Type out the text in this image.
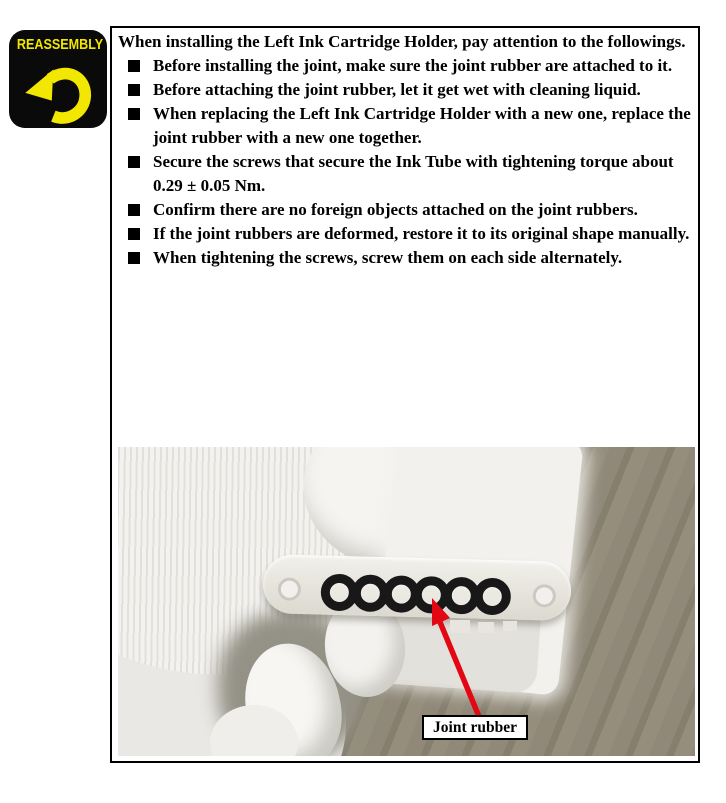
REASSEMBLY When installing the Left Ink Cartridge Holder, pay attention to the followings.

Before installing the joint, make sure the joint rubber are attached to it.
Before attaching the joint rubber, let it get wet with cleaning liquid.
When replacing the Left Ink Cartridge Holder with a new one, replace the joint rubber with a new one together.
Secure the screws that secure the Ink Tube with tightening torque about 0.29 ± 0.05 Nm.
Confirm there are no foreign objects attached on the joint rubbers.
If the joint rubbers are deformed, restore it to its original shape manually.
When tightening the screws, screw them on each side alternately.
Joint rubber
